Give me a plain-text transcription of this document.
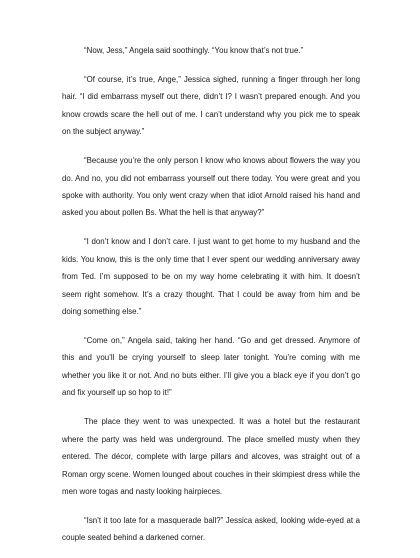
“Now, Jess,” Angela said soothingly. “You know that’s not true.”

“Of course, it’s true, Ange,” Jessica sighed, running a finger through her long hair. “I did embarrass myself out there, didn’t I? I wasn’t prepared enough. And you know crowds scare the hell out of me. I can’t understand why you pick me to speak on the subject anyway.”

“Because you’re the only person I know who knows about flowers the way you do. And no, you did not embarrass yourself out there today. You were great and you spoke with authority. You only went crazy when that idiot Arnold raised his hand and asked you about pollen Bs. What the hell is that anyway?”

“I don’t know and I don’t care. I just want to get home to my husband and the kids. You know, this is the only time that I ever spent our wedding anniversary away from Ted. I’m supposed to be on my way home celebrating it with him. It doesn’t seem right somehow. It’s a crazy thought. That I could be away from him and be doing something else.”

“Come on,” Angela said, taking her hand. “Go and get dressed. Anymore of this and you’ll be crying yourself to sleep later tonight. You’re coming with me whether you like it or not. And no buts either. I’ll give you a black eye if you don’t go and fix yourself up so hop to it!”

The place they went to was unexpected. It was a hotel but the restaurant where the party was held was underground. The place smelled musty when they entered. The décor, complete with large pillars and alcoves, was straight out of a Roman orgy scene. Women lounged about couches in their skimpiest dress while the men wore togas and nasty looking hairpieces.

“Isn’t it too late for a masquerade ball?” Jessica asked, looking wide-eyed at a couple seated behind a darkened corner.
